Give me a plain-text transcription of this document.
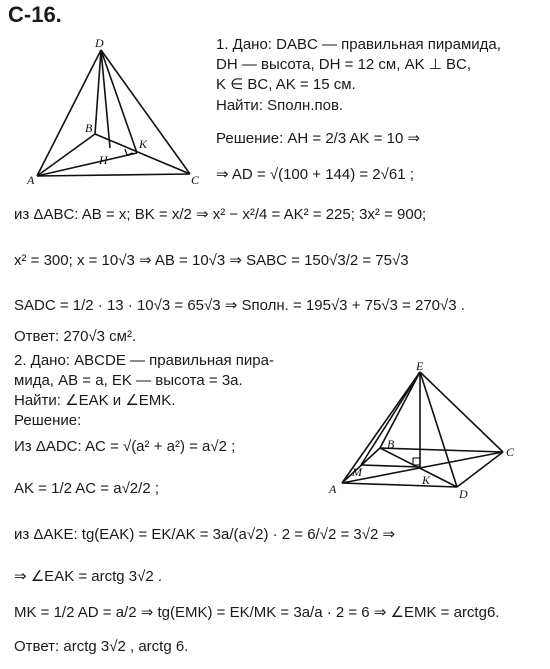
С-16.
D
B
K
H
A	C
1. Дано: DABC — правильная пирамида,
DH — высота, DH = 12 см, AK ⊥ BC,
K ∈ BC, AK = 15 см.
Найти: Sполн.пов.
Решение: AH = 2/3 AK = 10 ⇒
⇒ AD = √(100 + 144) = 2√61 ;
из ΔABC: AB = x; BK = x/2 ⇒ x² − x²/4 = AK² = 225; 3x² = 900;
x² = 300; x = 10√3 ⇒ AB = 10√3 ⇒ SABC = 150√3/2 = 75√3
SADC = 1/2 · 13 · 10√3 = 65√3 ⇒ Sполн. = 195√3 + 75√3 = 270√3 .
Ответ: 270√3 см².
2. Дано: ABCDE — правильная пира-
мида, AB = a, EK — высота = 3a.
Найти: ∠EAK и ∠EMK.
Решение:
Из ΔADC: AC = √(a² + a²) = a√2 ;
AK = 1/2 AC = a√2/2 ;
из ΔAKE: tg(EAK) = EK/AK = 3a/(a√2) · 2 = 6/√2 = 3√2 ⇒
⇒ ∠EAK = arctg 3√2 .
MK = 1/2 AD = a/2 ⇒ tg(EMK) = EK/MK = 3a/a · 2 = 6 ⇒ ∠EMK = arctg6.
Ответ: arctg 3√2 , arctg 6.
E
B
C
M
K
A	D
